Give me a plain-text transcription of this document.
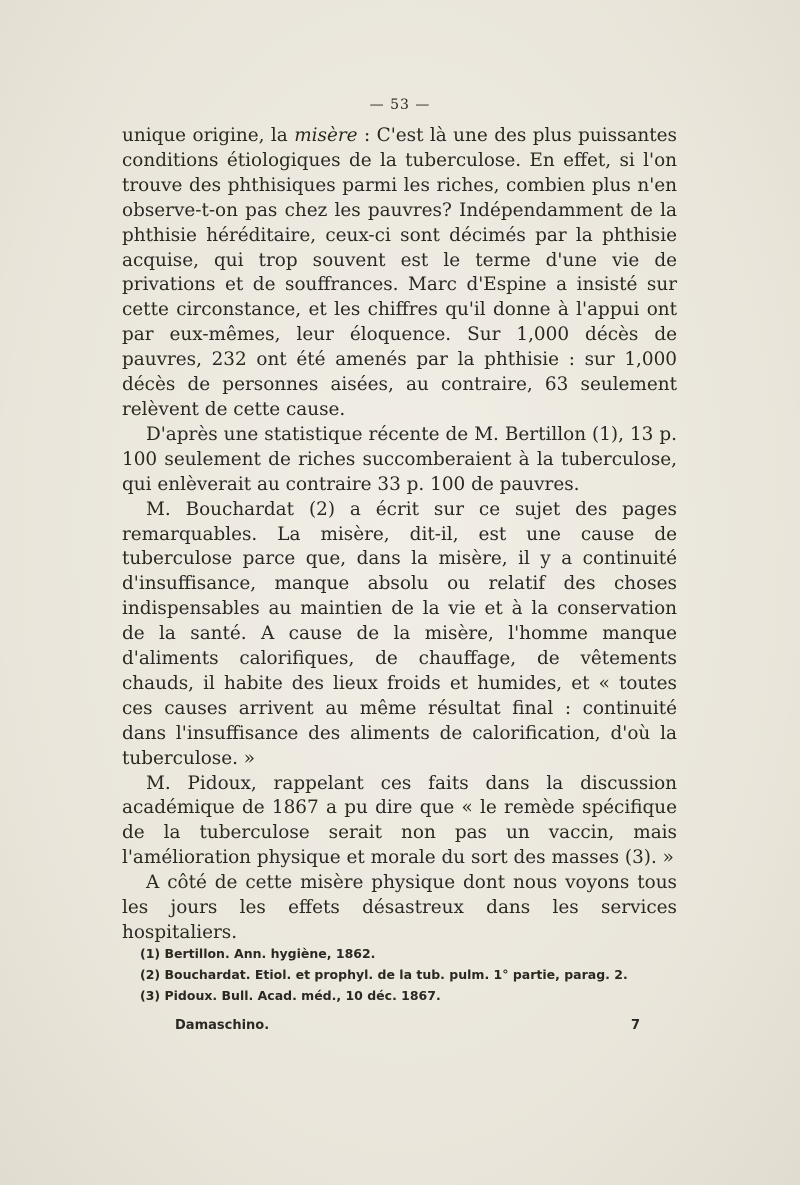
— 53 —

unique origine, la misère : C'est là une des plus puissantes conditions étiologiques de la tuberculose. En effet, si l'on trouve des phthisiques parmi les riches, combien plus n'en observe-t-on pas chez les pauvres? Indépendamment de la phthisie héréditaire, ceux-ci sont décimés par la phthisie acquise, qui trop souvent est le terme d'une vie de privations et de souffrances. Marc d'Espine a insisté sur cette circonstance, et les chiffres qu'il donne à l'appui ont par eux-mêmes, leur éloquence. Sur 1,000 décès de pauvres, 232 ont été amenés par la phthisie : sur 1,000 décès de personnes aisées, au contraire, 63 seulement relèvent de cette cause.

D'après une statistique récente de M. Bertillon (1), 13 p. 100 seulement de riches succomberaient à la tuberculose, qui enlèverait au contraire 33 p. 100 de pauvres.

M. Bouchardat (2) a écrit sur ce sujet des pages remarquables. La misère, dit-il, est une cause de tuberculose parce que, dans la misère, il y a continuité d'insuffisance, manque absolu ou relatif des choses indispensables au maintien de la vie et à la conservation de la santé. A cause de la misère, l'homme manque d'aliments calorifiques, de chauffage, de vêtements chauds, il habite des lieux froids et humides, et « toutes ces causes arrivent au même résultat final : continuité dans l'insuffisance des aliments de calorification, d'où la tuberculose. »

M. Pidoux, rappelant ces faits dans la discussion académique de 1867 a pu dire que « le remède spécifique de la tuberculose serait non pas un vaccin, mais l'amélioration physique et morale du sort des masses (3). »

A côté de cette misère physique dont nous voyons tous les jours les effets désastreux dans les services hospitaliers.

(1) Bertillon. Ann. hygiène, 1862.

(2) Bouchardat. Etiol. et prophyl. de la tub. pulm. 1° partie, parag. 2.

(3) Pidoux. Bull. Acad. méd., 10 déc. 1867.

Damaschino.	7
